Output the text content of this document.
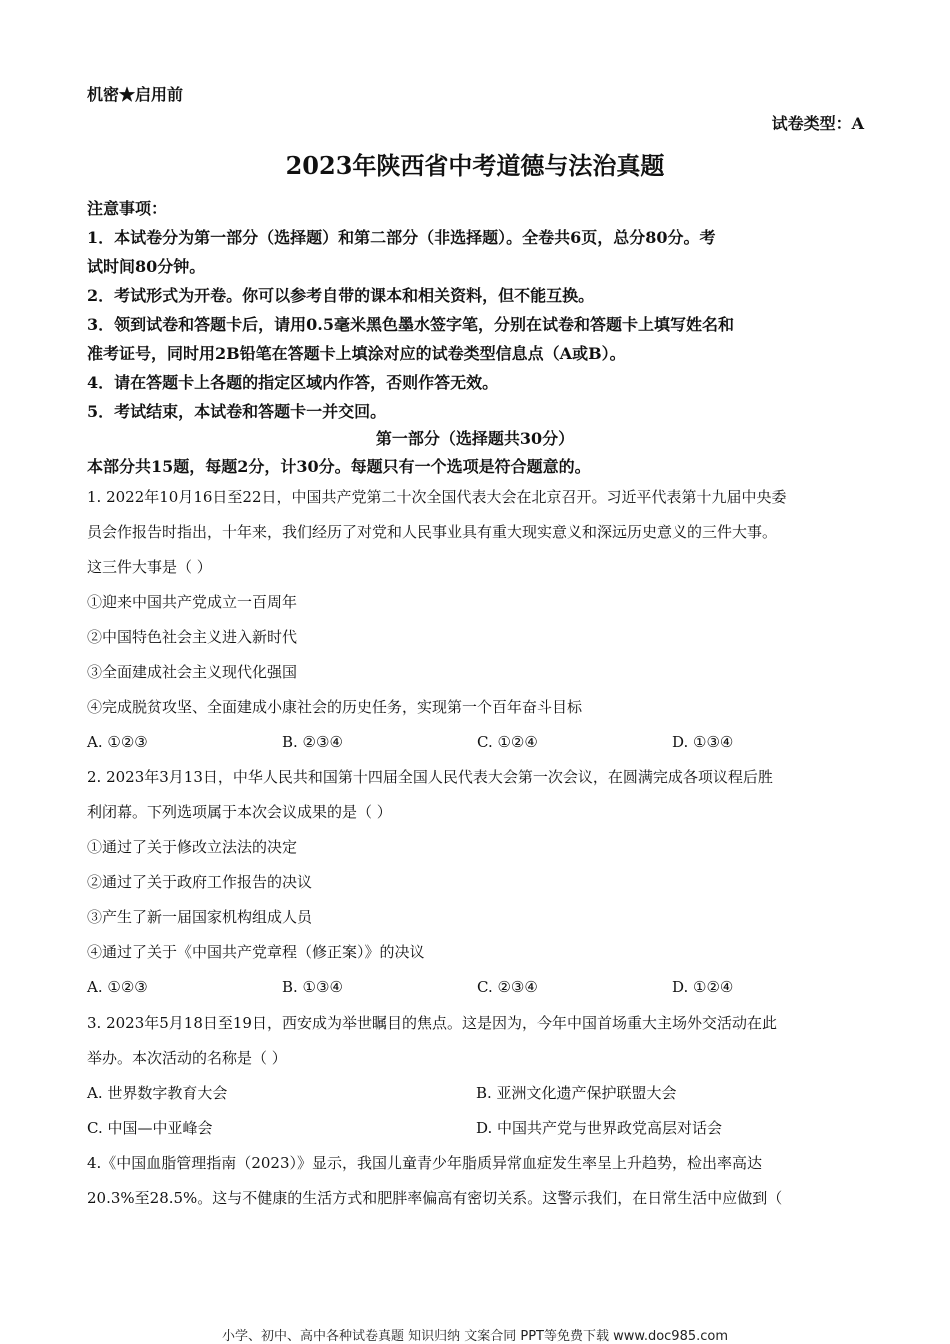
机密★启用前
试卷类型：A
2023年陕西省中考道德与法治真题

注意事项：

1．本试卷分为第一部分（选择题）和第二部分（非选择题）。全卷共6页，总分80分。考

试时间80分钟。

2．考试形式为开卷。你可以参考自带的课本和相关资料，但不能互换。

3．领到试卷和答题卡后，请用0.5毫米黑色墨水签字笔，分别在试卷和答题卡上填写姓名和

准考证号，同时用2B铅笔在答题卡上填涂对应的试卷类型信息点（A或B）。

4．请在答题卡上各题的指定区域内作答，否则作答无效。

5．考试结束，本试卷和答题卡一并交回。

第一部分（选择题共30分）
本部分共15题，每题2分，计30分。每题只有一个选项是符合题意的。
1. 2022年10月16日至22日，中国共产党第二十次全国代表大会在北京召开。习近平代表第十九届中央委
员会作报告时指出，十年来，我们经历了对党和人民事业具有重大现实意义和深远历史意义的三件大事。
这三件大事是（ ）
①迎来中国共产党成立一百周年
②中国特色社会主义进入新时代
③全面建成社会主义现代化强国
④完成脱贫攻坚、全面建成小康社会的历史任务，实现第一个百年奋斗目标
A. ①②③	B. ②③④	C. ①②④	D. ①③④
2. 2023年3月13日，中华人民共和国第十四届全国人民代表大会第一次会议，在圆满完成各项议程后胜
利闭幕。下列选项属于本次会议成果的是（ ）
①通过了关于修改立法法的决定
②通过了关于政府工作报告的决议
③产生了新一届国家机构组成人员
④通过了关于《中国共产党章程（修正案）》的决议
A. ①②③	B. ①③④	C. ②③④	D. ①②④
3. 2023年5月18日至19日，西安成为举世瞩目的焦点。这是因为，今年中国首场重大主场外交活动在此
举办。本次活动的名称是（ ）
A. 世界数字教育大会	B. 亚洲文化遗产保护联盟大会
C. 中国—中亚峰会	D. 中国共产党与世界政党高层对话会
4.《中国血脂管理指南（2023）》显示，我国儿童青少年脂质异常血症发生率呈上升趋势，检出率高达
20.3%至28.5%。这与不健康的生活方式和肥胖率偏高有密切关系。这警示我们，在日常生活中应做到（
小学、初中、高中各种试卷真题 知识归纳 文案合同 PPT等免费下载 www.doc985.com
